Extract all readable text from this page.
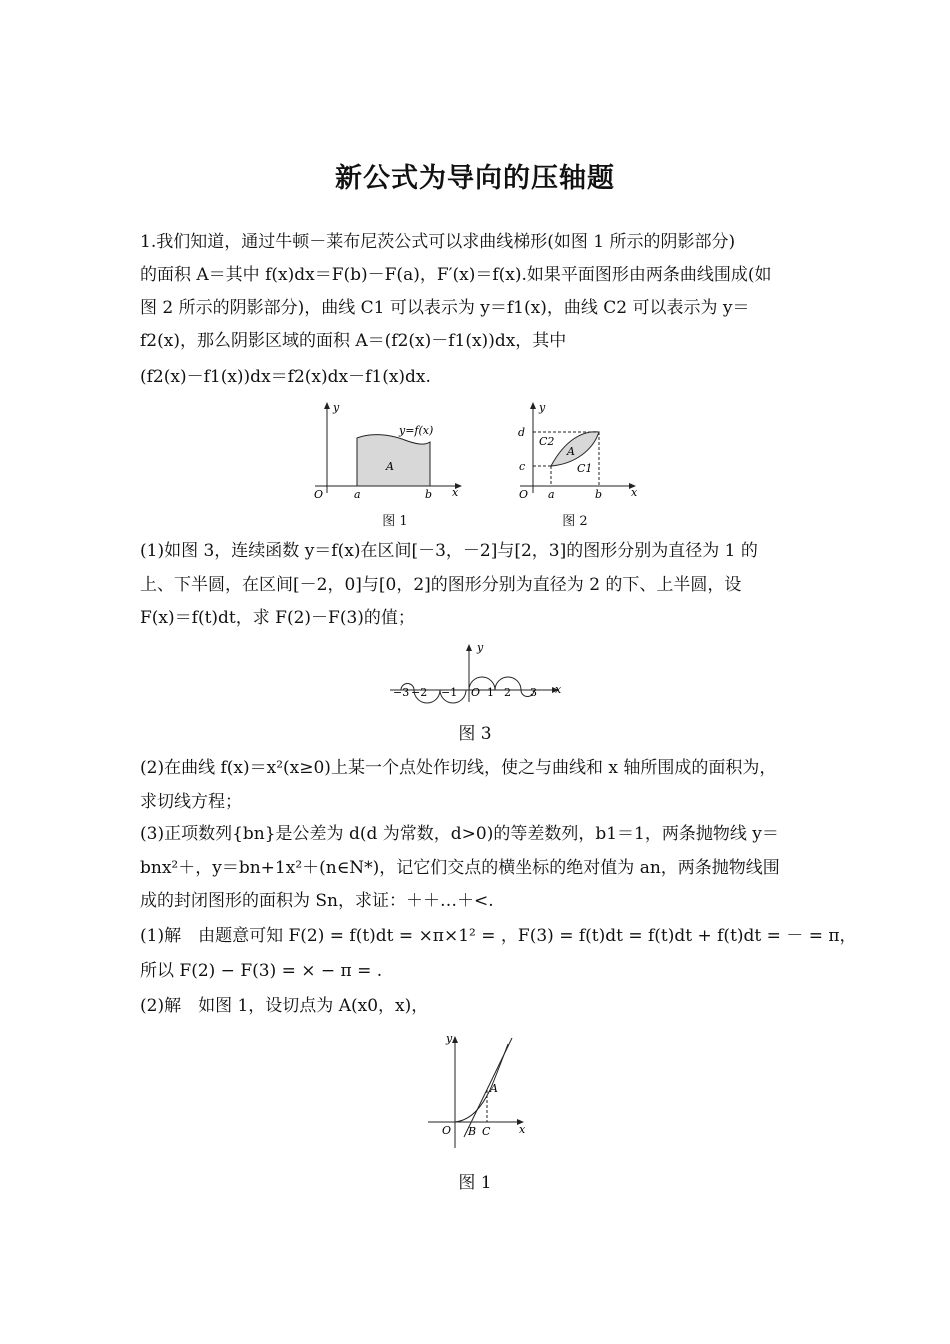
新公式为导向的压轴题
1.我们知道，通过牛顿－莱布尼茨公式可以求曲线梯形(如图 1 所示的阴影部分)
的面积 A＝其中 f(x)dx＝F(b)－F(a)，F′(x)＝f(x).如果平面图形由两条曲线围成(如
图 2 所示的阴影部分)，曲线 C1 可以表示为 y＝f1(x)，曲线 C2 可以表示为 y＝
f2(x)，那么阴影区域的面积 A＝(f2(x)－f1(x))dx，其中
(f2(x)－f1(x))dx＝f2(x)dx－f1(x)dx.
y
x
O	a	b
y=f(x)
A
图 1
y
x
O a	b
c
d
C2
C1
A
图 2
(1)如图 3，连续函数 y＝f(x)在区间[－3，－2]与[2，3]的图形分别为直径为 1 的
上、下半圆，在区间[－2，0]与[0，2]的图形分别为直径为 2 的下、上半圆，设
F(x)＝f(t)dt，求 F(2)－F(3)的值；
y
x
O
−3 −2 −1	1 2 3
图 3
(2)在曲线 f(x)＝x²(x≥0)上某一个点处作切线，使之与曲线和 x 轴所围成的面积为，
求切线方程；
(3)正项数列{bn}是公差为 d(d 为常数，d>0)的等差数列，b1＝1，两条抛物线 y＝
bnx²＋，y＝bn+1x²＋(n∈N*)，记它们交点的横坐标的绝对值为 an，两条抛物线围
成的封闭图形的面积为 Sn，求证：＋＋…＋<.
(1)解　由题意可知 F(2) = f(t)dt = ×π×1² = ，F(3) = f(t)dt = f(t)dt + f(t)dt = － = π，
所以 F(2) − F(3) = × − π = .
(2)解　如图 1，设切点为 A(x0，x)，
y
x
O
A
B C
图 1
